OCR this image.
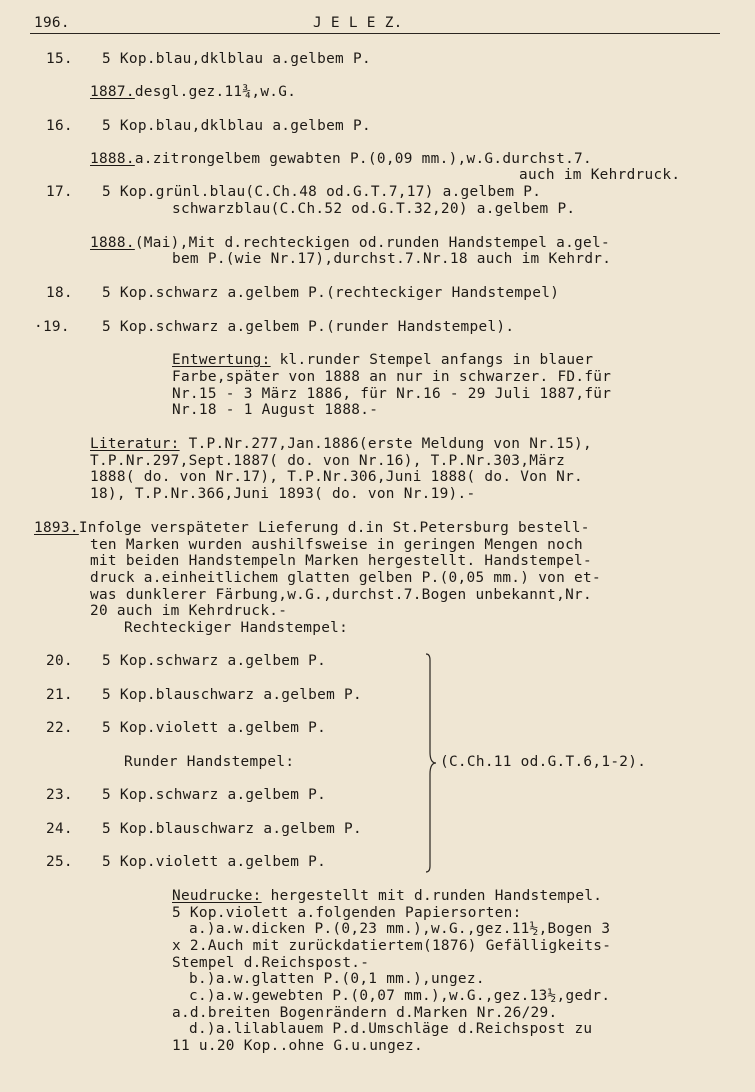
196.	J E L E Z.
15. 5 Kop.blau,dklblau a.gelbem P.
1887.desgl.gez.11¾,w.G.
16. 5 Kop.blau,dklblau a.gelbem P.
1888.a.zitrongelbem gewabten P.(0,09 mm.),w.G.durchst.7.
auch im Kehrdruck.
17. 5 Kop.grünl.blau(C.Ch.48 od.G.T.7,17) a.gelbem P.
schwarzblau(C.Ch.52 od.G.T.32,20) a.gelbem P.
1888.(Mai),Mit d.rechteckigen od.runden Handstempel a.gel-
bem P.(wie Nr.17),durchst.7.Nr.18 auch im Kehrdr.
18. 5 Kop.schwarz a.gelbem P.(rechteckiger Handstempel)
·19. 5 Kop.schwarz a.gelbem P.(runder Handstempel).
Entwertung: kl.runder Stempel anfangs in blauer
Farbe,später von 1888 an nur in schwarzer. FD.für
Nr.15 - 3 März 1886, für Nr.16 - 29 Juli 1887,für
Nr.18 - 1 August 1888.-
Literatur: T.P.Nr.277,Jan.1886(erste Meldung von Nr.15),
T.P.Nr.297,Sept.1887( do. von Nr.16), T.P.Nr.303,März
1888( do. von Nr.17), T.P.Nr.306,Juni 1888( do. Von Nr.
18), T.P.Nr.366,Juni 1893( do. von Nr.19).-
1893.Infolge verspäteter Lieferung d.in St.Petersburg bestell-
ten Marken wurden aushilfsweise in geringen Mengen noch
mit beiden Handstempeln Marken hergestellt. Handstempel-
druck a.einheitlichem glatten gelben P.(0,05 mm.) von et-
was dunklerer Färbung,w.G.,durchst.7.Bogen unbekannt,Nr.
20 auch im Kehrdruck.-
Rechteckiger Handstempel:
20. 5 Kop.schwarz a.gelbem P.
21. 5 Kop.blauschwarz a.gelbem P.
22. 5 Kop.violett a.gelbem P.
Runder Handstempel:	(C.Ch.11 od.G.T.6,1-2).
23. 5 Kop.schwarz a.gelbem P.
24. 5 Kop.blauschwarz a.gelbem P.
25. 5 Kop.violett a.gelbem P.
Neudrucke: hergestellt mit d.runden Handstempel.
5 Kop.violett a.folgenden Papiersorten:
a.)a.w.dicken P.(0,23 mm.),w.G.,gez.11½,Bogen 3
x 2.Auch mit zurückdatiertem(1876) Gefälligkeits-
Stempel d.Reichspost.-
b.)a.w.glatten P.(0,1 mm.),ungez.
c.)a.w.gewebten P.(0,07 mm.),w.G.,gez.13½,gedr.
a.d.breiten Bogenrändern d.Marken Nr.26/29.
d.)a.lilablauem P.d.Umschläge d.Reichspost zu
11 u.20 Kop..ohne G.u.ungez.
